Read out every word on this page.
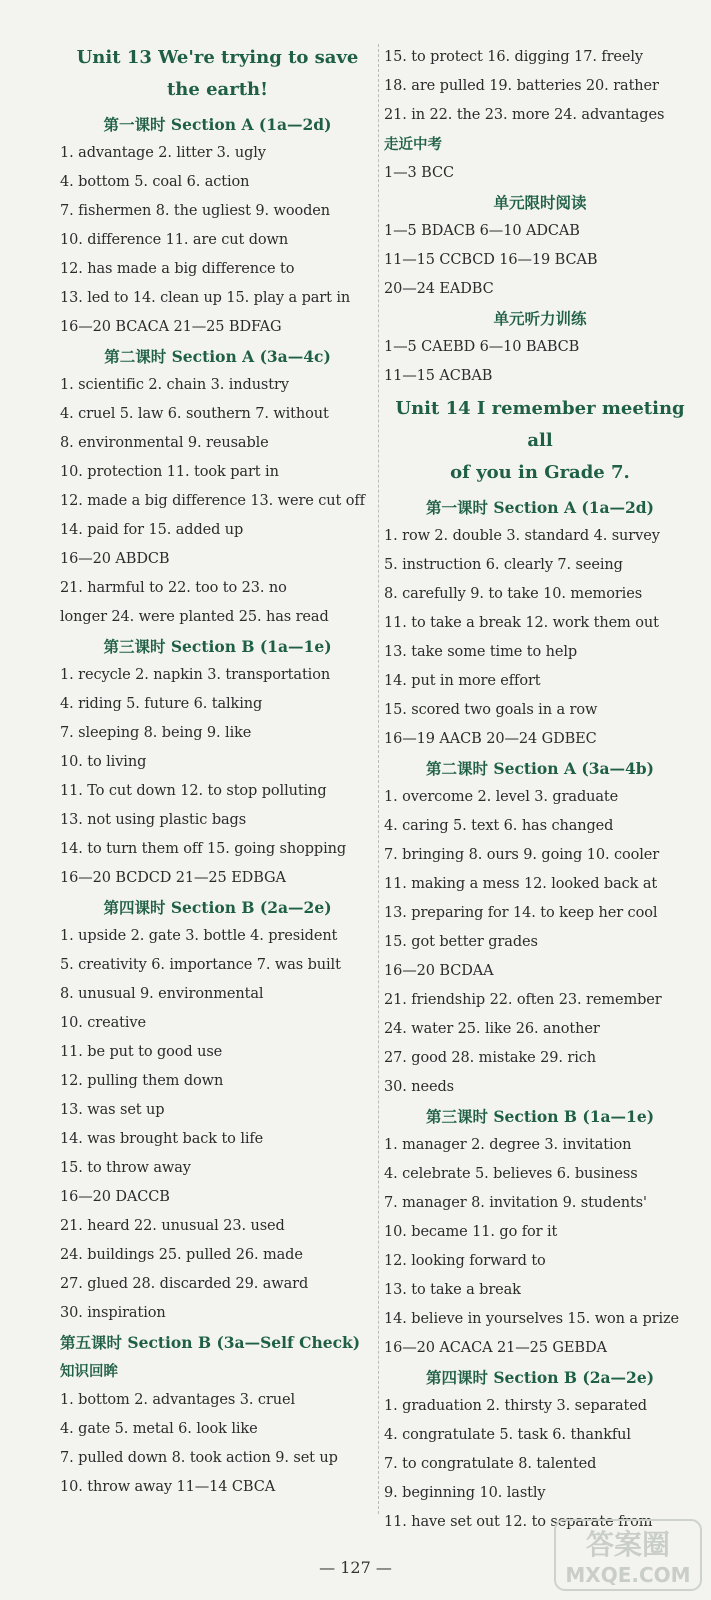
Unit 13 We're trying to save
the earth!
第一课时 Section A (1a—2d)
1. advantage 2. litter 3. ugly
4. bottom 5. coal 6. action
7. fishermen 8. the ugliest 9. wooden
10. difference 11. are cut down
12. has made a big difference to
13. led to 14. clean up 15. play a part in
16—20 BCACA 21—25 BDFAG
第二课时 Section A (3a—4c)
1. scientific 2. chain 3. industry
4. cruel 5. law 6. southern 7. without
8. environmental 9. reusable
10. protection 11. took part in
12. made a big difference 13. were cut off
14. paid for 15. added up
16—20 ABDCB
21. harmful to 22. too to 23. no
longer 24. were planted 25. has read
第三课时 Section B (1a—1e)
1. recycle 2. napkin 3. transportation
4. riding 5. future 6. talking
7. sleeping 8. being 9. like
10. to living
11. To cut down 12. to stop polluting
13. not using plastic bags
14. to turn them off 15. going shopping
16—20 BCDCD 21—25 EDBGA
第四课时 Section B (2a—2e)
1. upside 2. gate 3. bottle 4. president
5. creativity 6. importance 7. was built
8. unusual 9. environmental
10. creative
11. be put to good use
12. pulling them down
13. was set up
14. was brought back to life
15. to throw away
16—20 DACCB
21. heard 22. unusual 23. used
24. buildings 25. pulled 26. made
27. glued 28. discarded 29. award
30. inspiration
第五课时 Section B (3a—Self Check)
知识回眸
1. bottom 2. advantages 3. cruel
4. gate 5. metal 6. look like
7. pulled down 8. took action 9. set up
10. throw away 11—14 CBCA
15. to protect 16. digging 17. freely
18. are pulled 19. batteries 20. rather
21. in 22. the 23. more 24. advantages
走近中考
1—3 BCC
单元限时阅读
1—5 BDACB 6—10 ADCAB
11—15 CCBCD 16—19 BCAB
20—24 EADBC
单元听力训练
1—5 CAEBD 6—10 BABCB
11—15 ACBAB
Unit 14 I remember meeting all
of you in Grade 7.
第一课时 Section A (1a—2d)
1. row 2. double 3. standard 4. survey
5. instruction 6. clearly 7. seeing
8. carefully 9. to take 10. memories
11. to take a break 12. work them out
13. take some time to help
14. put in more effort
15. scored two goals in a row
16—19 AACB 20—24 GDBEC
第二课时 Section A (3a—4b)
1. overcome 2. level 3. graduate
4. caring 5. text 6. has changed
7. bringing 8. ours 9. going 10. cooler
11. making a mess 12. looked back at
13. preparing for 14. to keep her cool
15. got better grades
16—20 BCDAA
21. friendship 22. often 23. remember
24. water 25. like 26. another
27. good 28. mistake 29. rich
30. needs
第三课时 Section B (1a—1e)
1. manager 2. degree 3. invitation
4. celebrate 5. believes 6. business
7. manager 8. invitation 9. students'
10. became 11. go for it
12. looking forward to
13. to take a break
14. believe in yourselves 15. won a prize
16—20 ACACA 21—25 GEBDA
第四课时 Section B (2a—2e)
1. graduation 2. thirsty 3. separated
4. congratulate 5. task 6. thankful
7. to congratulate 8. talented
9. beginning 10. lastly
11. have set out 12. to separate from
— 127 —
答案圈
MXQE.COM
